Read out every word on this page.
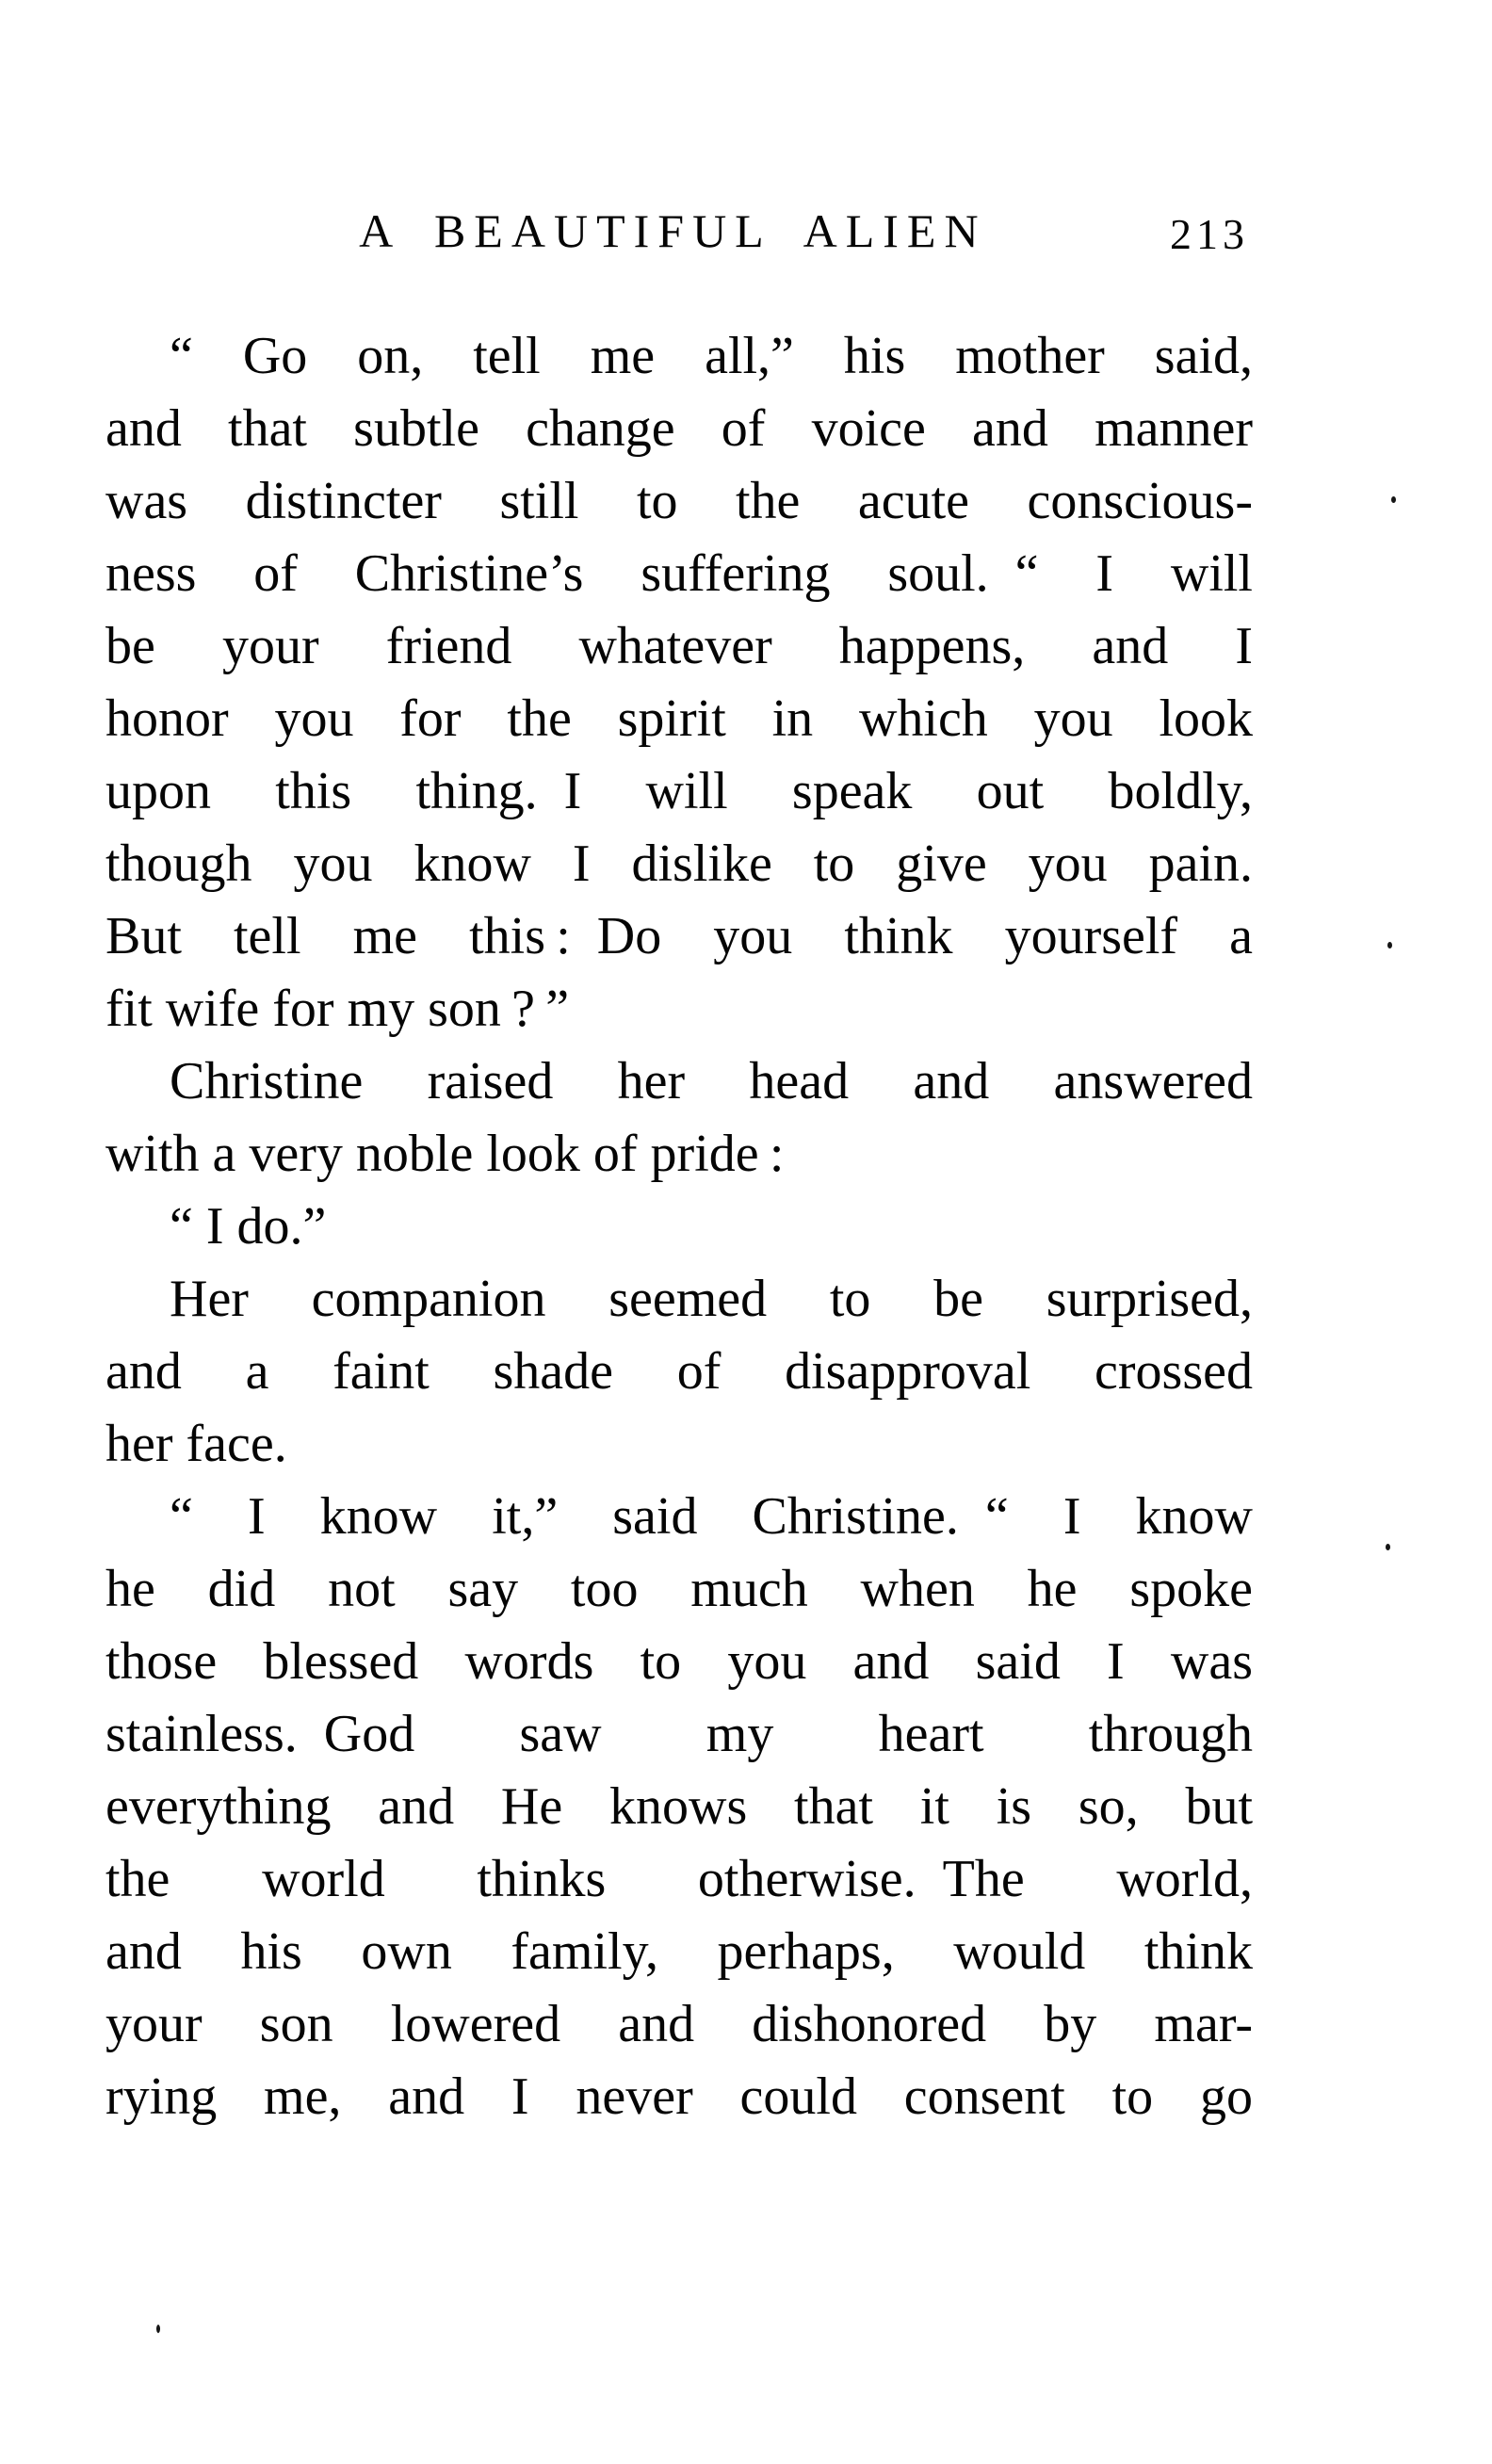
A BEAUTIFUL ALIEN	213
“ Go on, tell me all,” his mother said,
and that subtle change of voice and manner
was distincter still to the acute conscious-
ness of Christine’s suffering soul. “ I will
be your friend whatever happens, and I
honor you for the spirit in which you look
upon this thing. I will speak out boldly,
though you know I dislike to give you pain.
But tell me this : Do you think yourself a
fit wife for my son ? ”
Christine raised her head and answered
with a very noble look of pride :
“ I do.”
Her companion seemed to be surprised,
and a faint shade of disapproval crossed
her face.
“ I know it,” said Christine. “ I know
he did not say too much when he spoke
those blessed words to you and said I was
stainless. God saw my heart through
everything and He knows that it is so, but
the world thinks otherwise. The world,
and his own family, perhaps, would think
your son lowered and dishonored by mar-
rying me, and I never could consent to go
